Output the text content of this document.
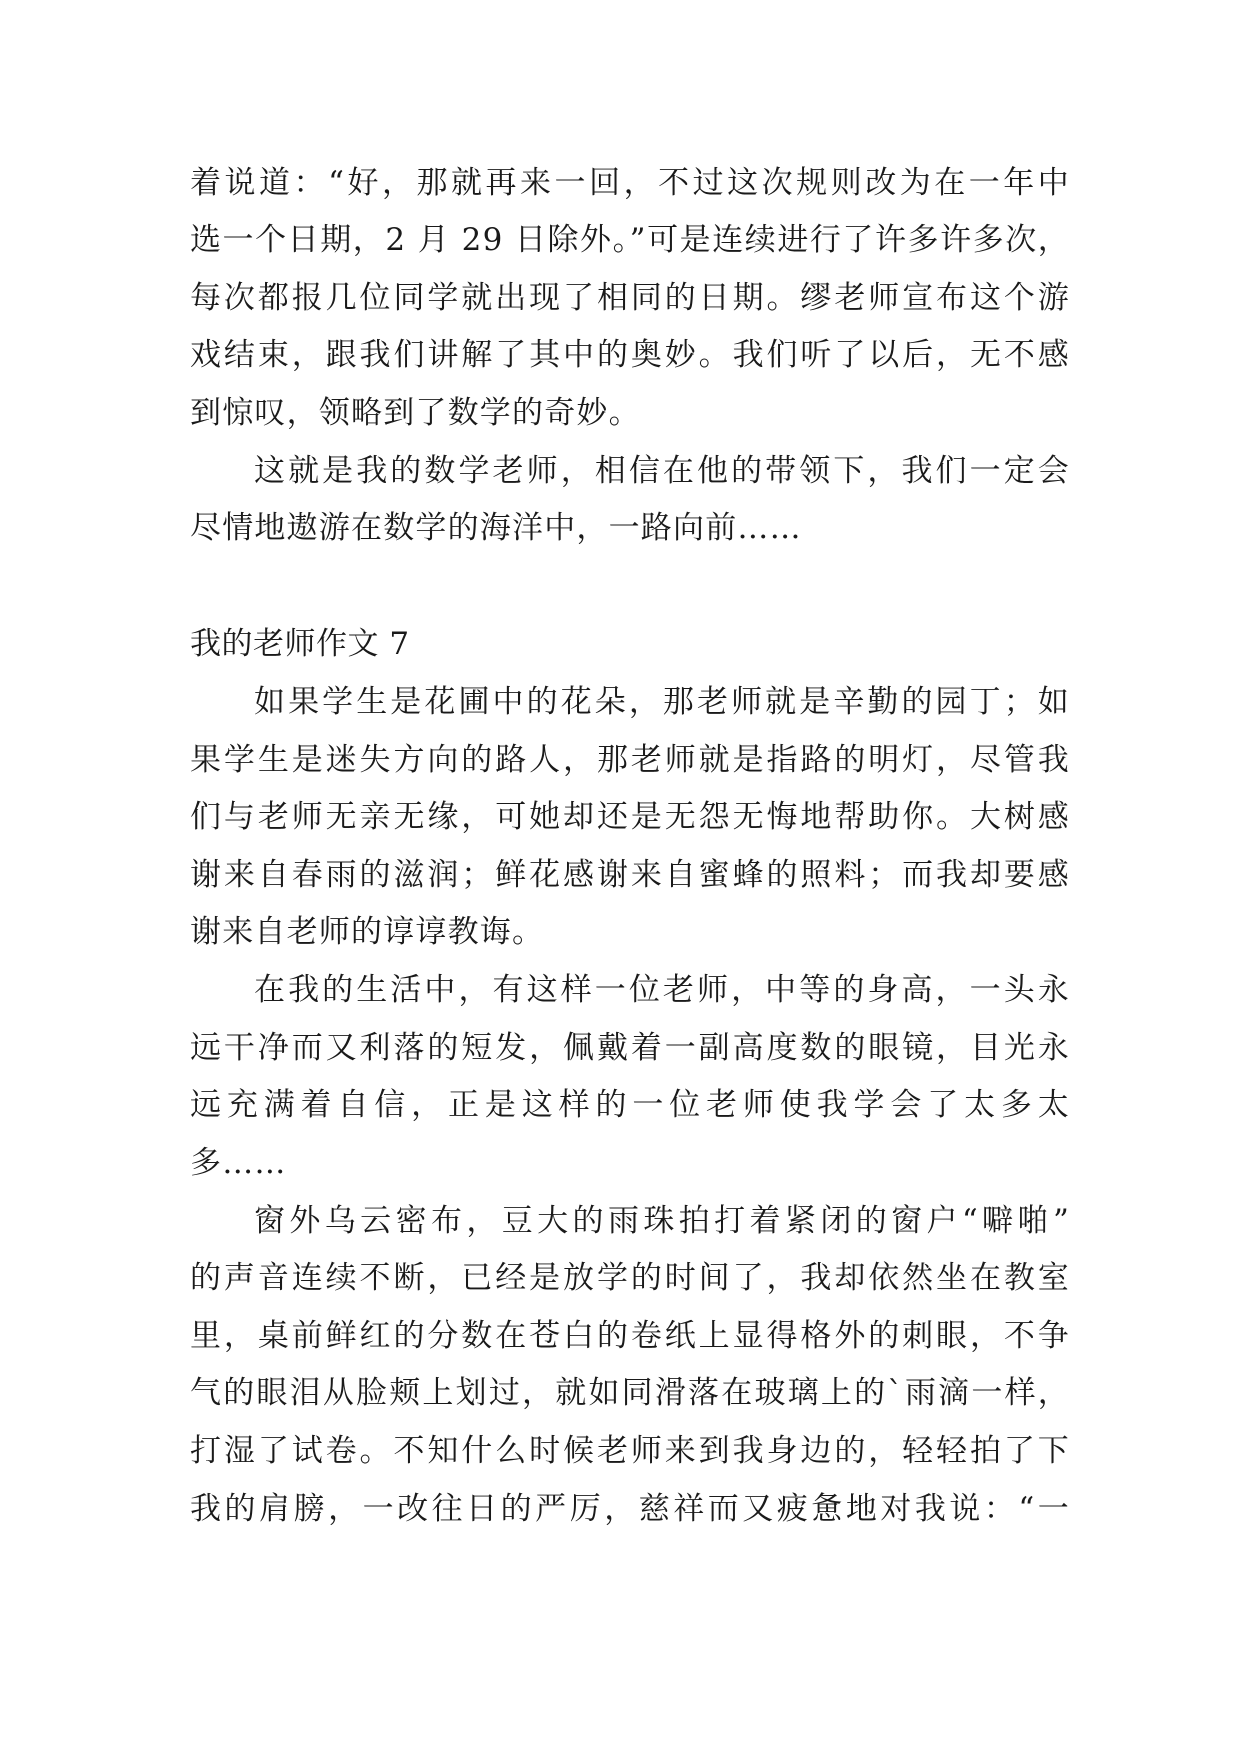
着说道：“好，那就再来一回，不过这次规则改为在一年中
选一个日期，2 月 29 日除外。”可是连续进行了许多许多次，
每次都报几位同学就出现了相同的日期。缪老师宣布这个游
戏结束，跟我们讲解了其中的奥妙。我们听了以后，无不感
到惊叹，领略到了数学的奇妙。
这就是我的数学老师，相信在他的带领下，我们一定会
尽情地遨游在数学的海洋中，一路向前……
我的老师作文 7
如果学生是花圃中的花朵，那老师就是辛勤的园丁；如
果学生是迷失方向的路人，那老师就是指路的明灯，尽管我
们与老师无亲无缘，可她却还是无怨无悔地帮助你。大树感
谢来自春雨的滋润；鲜花感谢来自蜜蜂的照料；而我却要感
谢来自老师的谆谆教诲。
在我的生活中，有这样一位老师，中等的身高，一头永
远干净而又利落的短发，佩戴着一副高度数的眼镜，目光永
远充满着自信，正是这样的一位老师使我学会了太多太
多……
窗外乌云密布，豆大的雨珠拍打着紧闭的窗户“噼啪”
的声音连续不断，已经是放学的时间了，我却依然坐在教室
里，桌前鲜红的分数在苍白的卷纸上显得格外的刺眼，不争
气的眼泪从脸颊上划过，就如同滑落在玻璃上的`雨滴一样，
打湿了试卷。不知什么时候老师来到我身边的，轻轻拍了下
我的肩膀，一改往日的严厉，慈祥而又疲惫地对我说：“一
